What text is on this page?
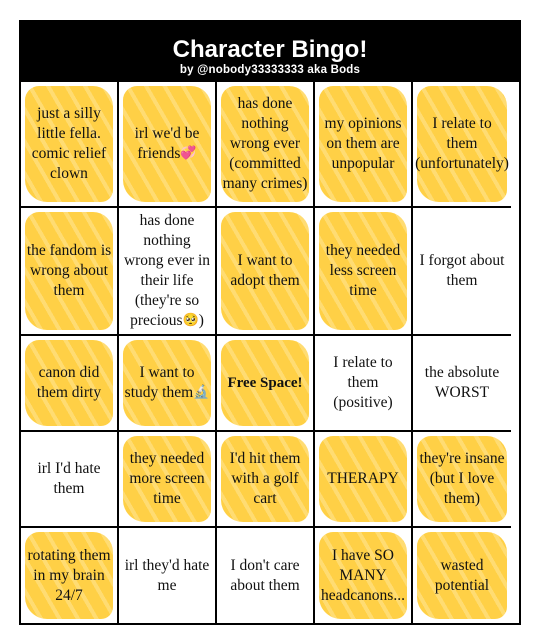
Character Bingo!
by @nobody33333333 aka Bods
just a silly little fella. comic relief clown
irl we'd be friends💞
has done nothing wrong ever (committed many crimes)
my opinions on them are unpopular
I relate to them (unfortunately)
the fandom is wrong about them
has done nothing wrong ever in their life (they're so precious🥺)
I want to adopt them
they needed less screen time
I forgot about them
canon did them dirty
I want to study them🔬
Free Space!
I relate to them (positive)
the absolute WORST
irl I'd hate them
they needed more screen time
I'd hit them with a golf cart
THERAPY
they're insane (but I love them)
rotating them in my brain 24/7
irl they'd hate me
I don't care about them
I have SO MANY headcanons...
wasted potential
